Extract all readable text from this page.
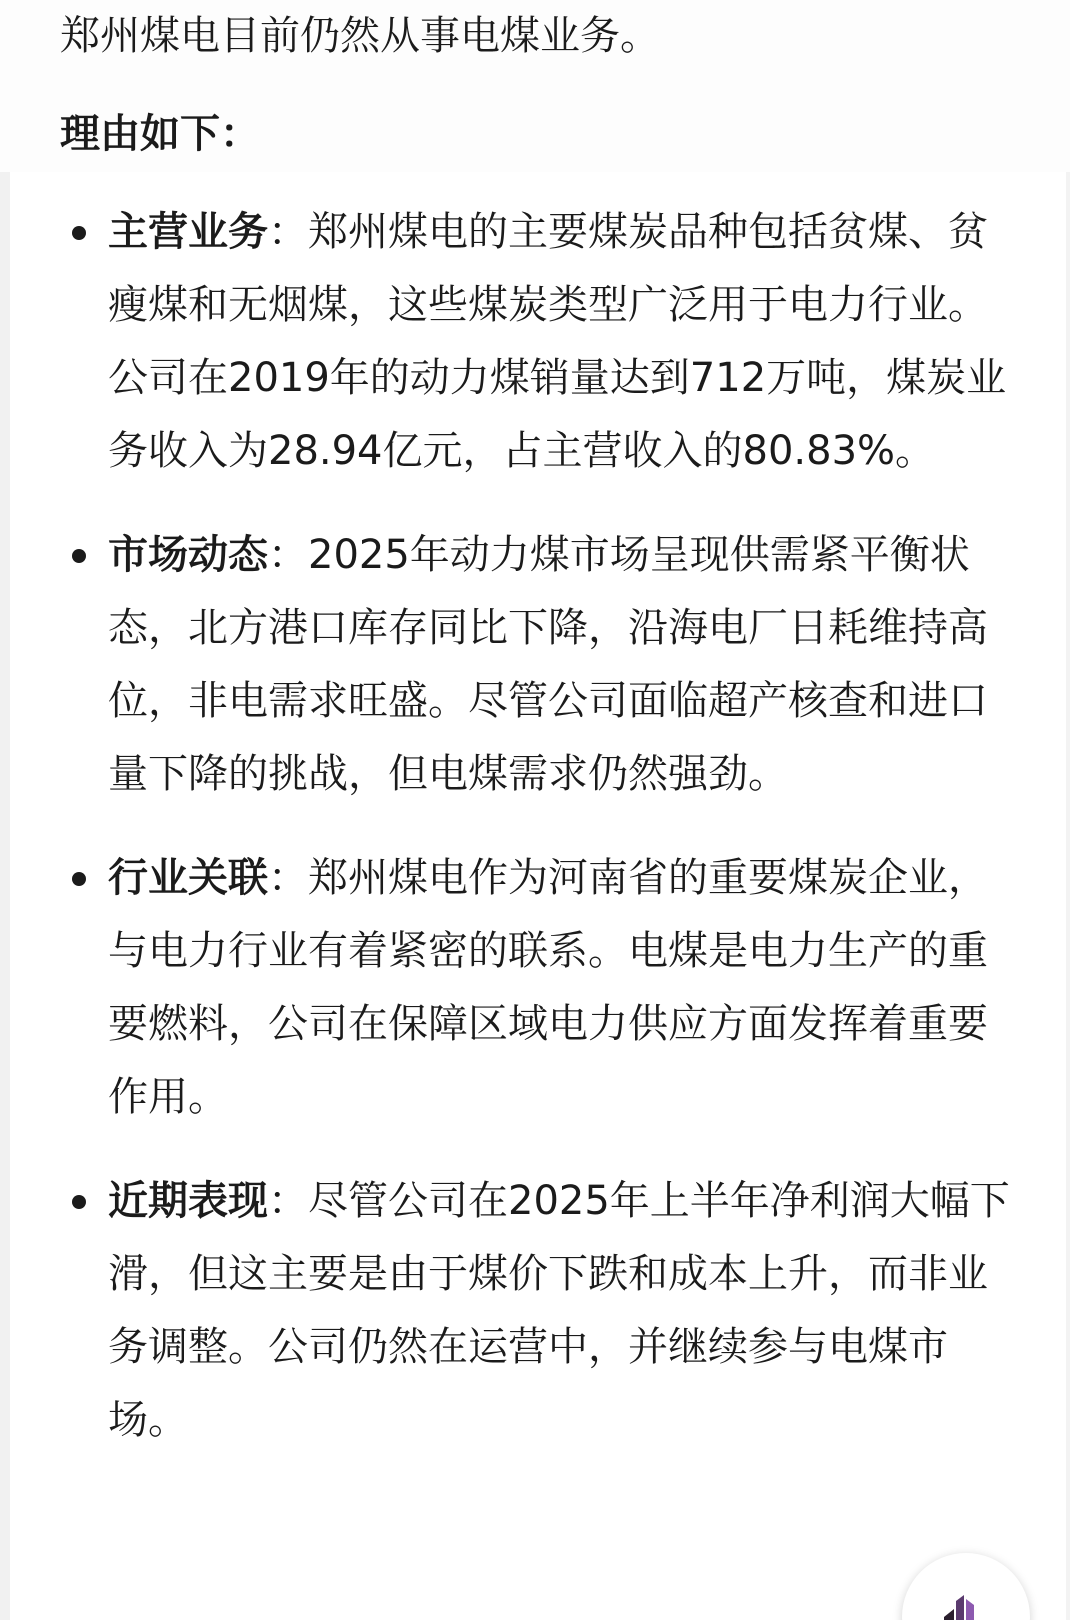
郑州煤电目前仍然从事电煤业务。

理由如下：

主营业务：郑州煤电的主要煤炭品种包括贫煤、贫瘦煤和无烟煤，这些煤炭类型广泛用于电力行业。公司在2019年的动力煤销量达到712万吨，煤炭业务收入为28.94亿元，占主营收入的80.83%。
市场动态：2025年动力煤市场呈现供需紧平衡状态，北方港口库存同比下降，沿海电厂日耗维持高位，非电需求旺盛。尽管公司面临超产核查和进口量下降的挑战，但电煤需求仍然强劲。
行业关联：郑州煤电作为河南省的重要煤炭企业，与电力行业有着紧密的联系。电煤是电力生产的重要燃料，公司在保障区域电力供应方面发挥着重要作用。
近期表现：尽管公司在2025年上半年净利润大幅下滑，但这主要是由于煤价下跌和成本上升，而非业务调整。公司仍然在运营中，并继续参与电煤市场。
